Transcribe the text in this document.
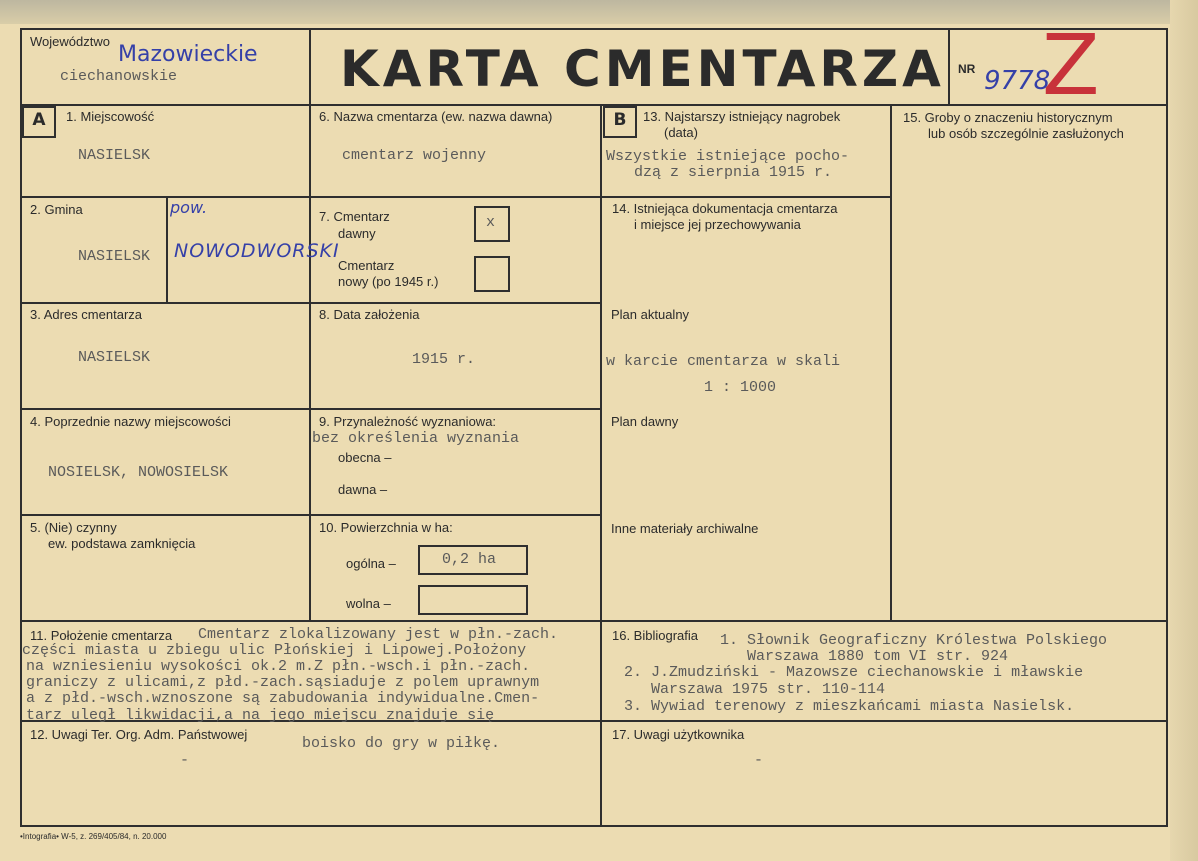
Województwo
Mazowieckie
ciechanowskie	KARTA CMENTARZA NR 9778
Z
A	1. Miejscowość
NASIELSK
2. Gmina
NASIELSK
pow.
NOWODWORSKI
3. Adres cmentarza
NASIELSK
4. Poprzednie nazwy miejscowości
NOSIELSK, NOWOSIELSK
5. (Nie) czynny
ew. podstawa zamknięcia
6. Nazwa cmentarza (ew. nazwa dawna)
cmentarz wojenny
7. Cmentarz
dawny
x
Cmentarz
nowy (po 1945 r.)
8. Data założenia
1915 r.
9. Przynależność wyznaniowa:
bez określenia wyznania
obecna –
dawna –
10. Powierzchnia w ha:
ogólna –	0,2 ha
wolna –
B	13. Najstarszy istniejący nagrobek
(data)
Wszystkie istniejące pocho-
dzą z sierpnia 1915 r.
14. Istniejąca dokumentacja cmentarza
i miejsce jej przechowywania
Plan aktualny
w karcie cmentarza w skali
1 : 1000
Plan dawny
Inne materiały archiwalne
15. Groby o znaczeniu historycznym
lub osób szczególnie zasłużonych
11. Położenie cmentarza Cmentarz zlokalizowany jest w płn.-zach.
części miasta u zbiegu ulic Płońskiej i Lipowej.Położony
na wzniesieniu wysokości ok.2 m.Z płn.-wsch.i płn.-zach.
graniczy z ulicami,z płd.-zach.sąsiaduje z polem uprawnym
a z płd.-wsch.wznoszone są zabudowania indywidualne.Cmen-
tarz uległ likwidacji,a na jego miejscu znajduje się
boisko do gry w piłkę.
12. Uwagi Ter. Org. Adm. Państwowej
-
16. Bibliografia 1. Słownik Geograficzny Królestwa Polskiego
Warszawa 1880 tom VI str. 924
2. J.Zmudziński - Mazowsze ciechanowskie i mławskie
Warszawa 1975 str. 110-114
3. Wywiad terenowy z mieszkańcami miasta Nasielsk.
17. Uwagi użytkownika
-
•Intografia• W-5, z. 269/405/84, n. 20.000
